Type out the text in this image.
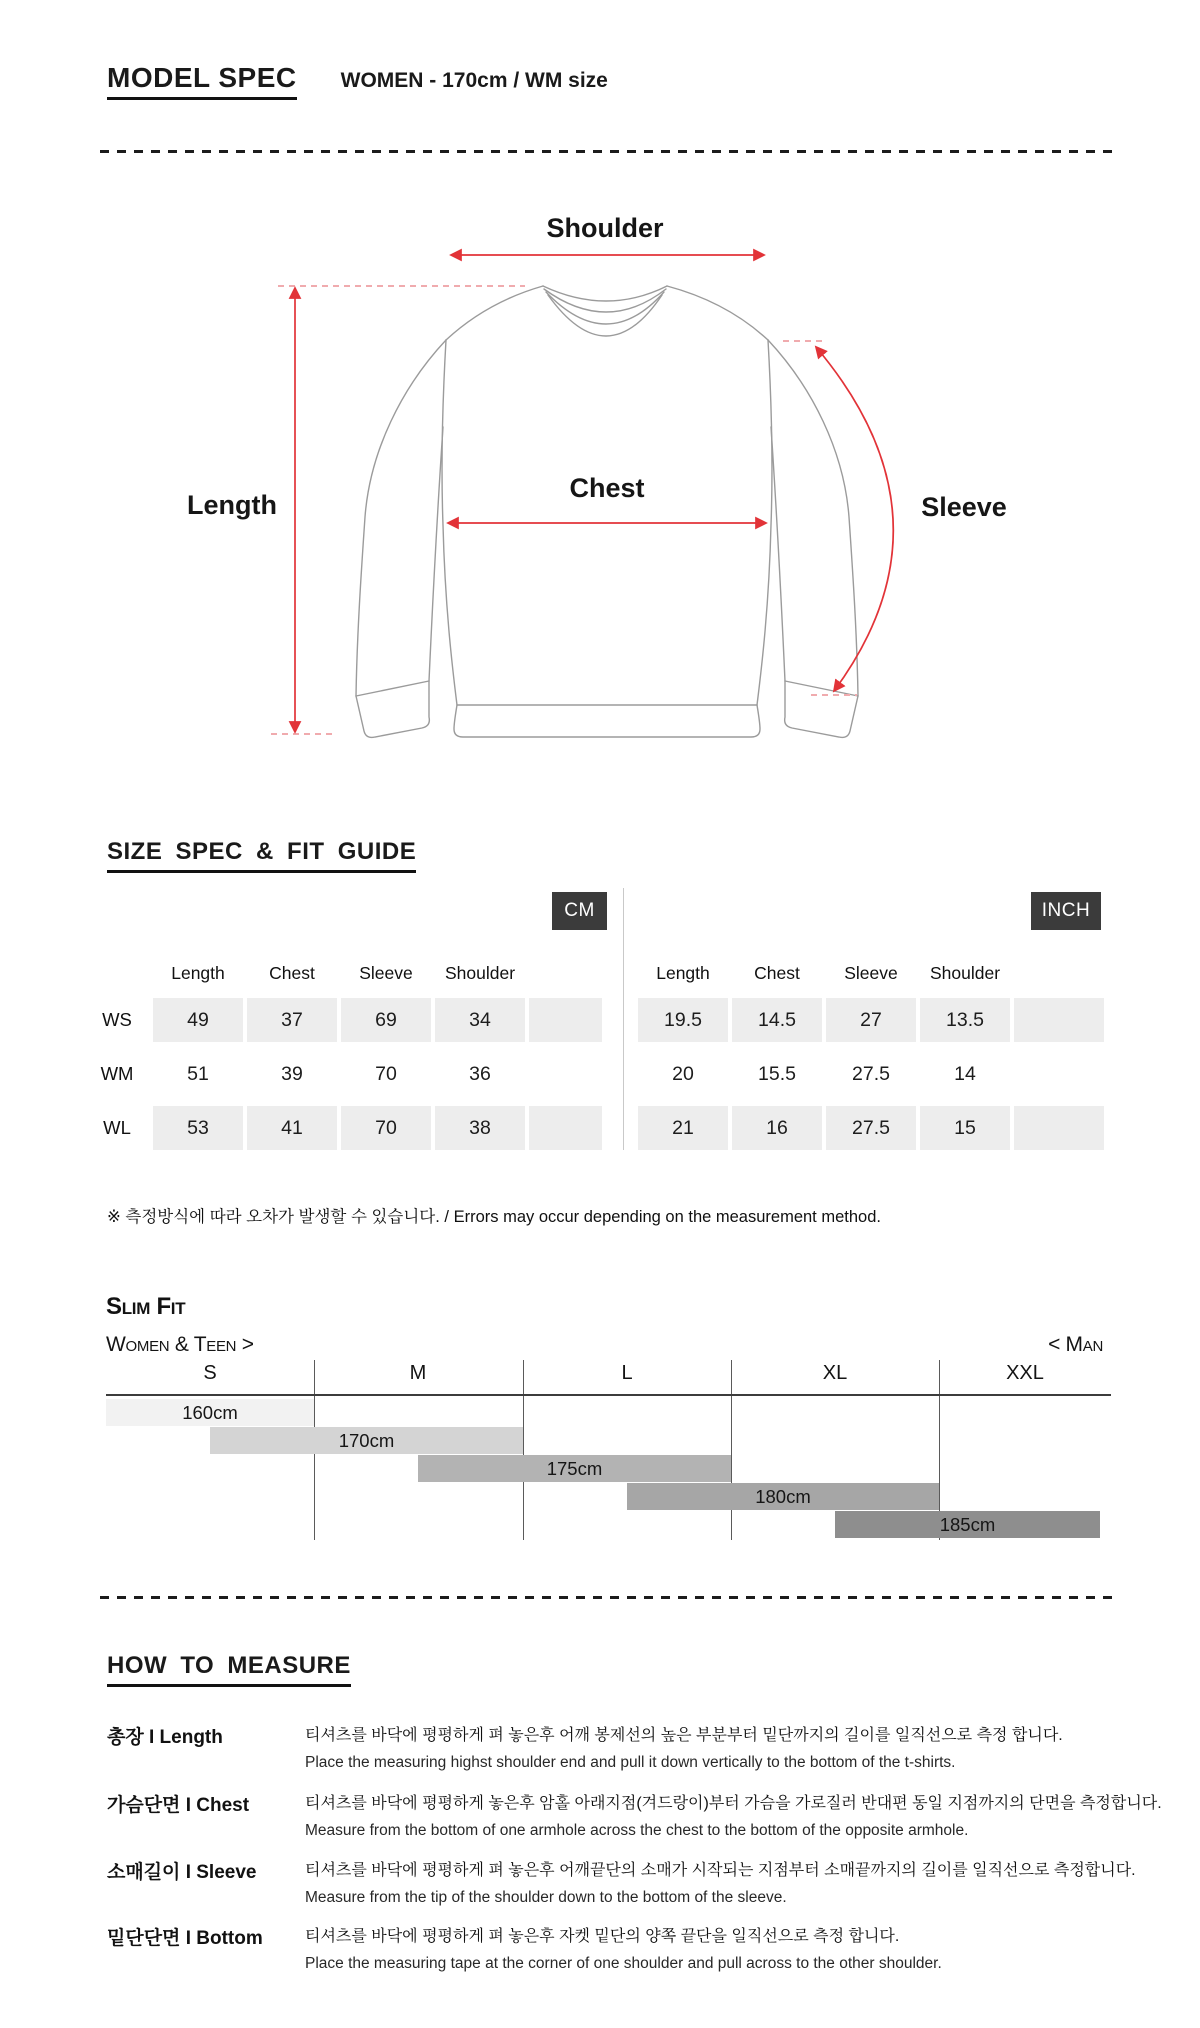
MODEL SPEC WOMEN - 170cm / WM size
Shoulder
Length
Chest
Sleeve
SIZE SPEC & FIT GUIDE
CM	INCH
Length	Chest	Sleeve	Shoulder
WS	49	37	69	34
WM	51	39	70	36
WL	53	41	70	38
Length	Chest	Sleeve	Shoulder
19.5	14.5	27	13.5
20	15.5	27.5	14
21	16	27.5	15
※ 측정방식에 따라 오차가 발생할 수 있습니다. / Errors may occur depending on the measurement method.
Slim Fit
Women & Teen >	< Man
S	M	L	XL	XXL
160cm
170cm
175cm
180cm
185cm
HOW TO MEASURE
총장 I Length	티셔츠를 바닥에 평평하게 펴 놓은후 어깨 봉제선의 높은 부분부터 밑단까지의 길이를 일직선으로 측정 합니다.
Place the measuring highst shoulder end and pull it down vertically to the bottom of the t-shirts.
가슴단면 I Chest	티셔츠를 바닥에 평평하게 놓은후 암홀 아래지점(겨드랑이)부터 가슴을 가로질러 반대편 동일 지점까지의 단면을 측정합니다.
Measure from the bottom of one armhole across the chest to the bottom of the opposite armhole.
소매길이 I Sleeve	티셔츠를 바닥에 평평하게 펴 놓은후 어깨끝단의 소매가 시작되는 지점부터 소매끝까지의 길이를 일직선으로 측정합니다.
Measure from the tip of the shoulder down to the bottom of the sleeve.
밑단단면 I Bottom	티셔츠를 바닥에 평평하게 펴 놓은후 자켓 밑단의 양쪽 끝단을 일직선으로 측정 합니다.
Place the measuring tape at the corner of one shoulder and pull across to the other shoulder.
